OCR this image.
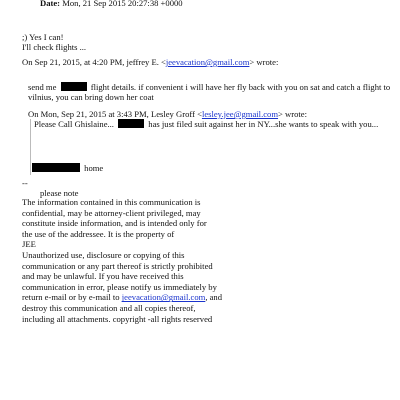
Date: Mon, 21 Sep 2015 20:27:38 +0000
;) Yes I can!
I'll check flights ...
On Sep 21, 2015, at 4:20 PM, jeffrey E. <jeevacation@gmail.com> wrote:
send me	flight details. if convenient i will have her fly back with you on sat and catch a flight to
vilnius, you can bring down her coat
On Mon, Sep 21, 2015 at 3:43 PM, Lesley Groff <lesley.jee@gmail.com> wrote:
Please Call Ghislaine...	has just filed suit against her in NY...she wants to speak with you...
home
--
please note
The information contained in this communication is
confidential, may be attorney-client privileged, may
constitute inside information, and is intended only for
the use of the addressee. It is the property of
JEE
Unauthorized use, disclosure or copying of this
communication or any part thereof is strictly prohibited
and may be unlawful. If you have received this
communication in error, please notify us immediately by
return e-mail or by e-mail to jeevacation@gmail.com, and
destroy this communication and all copies thereof,
including all attachments. copyright -all rights reserved
